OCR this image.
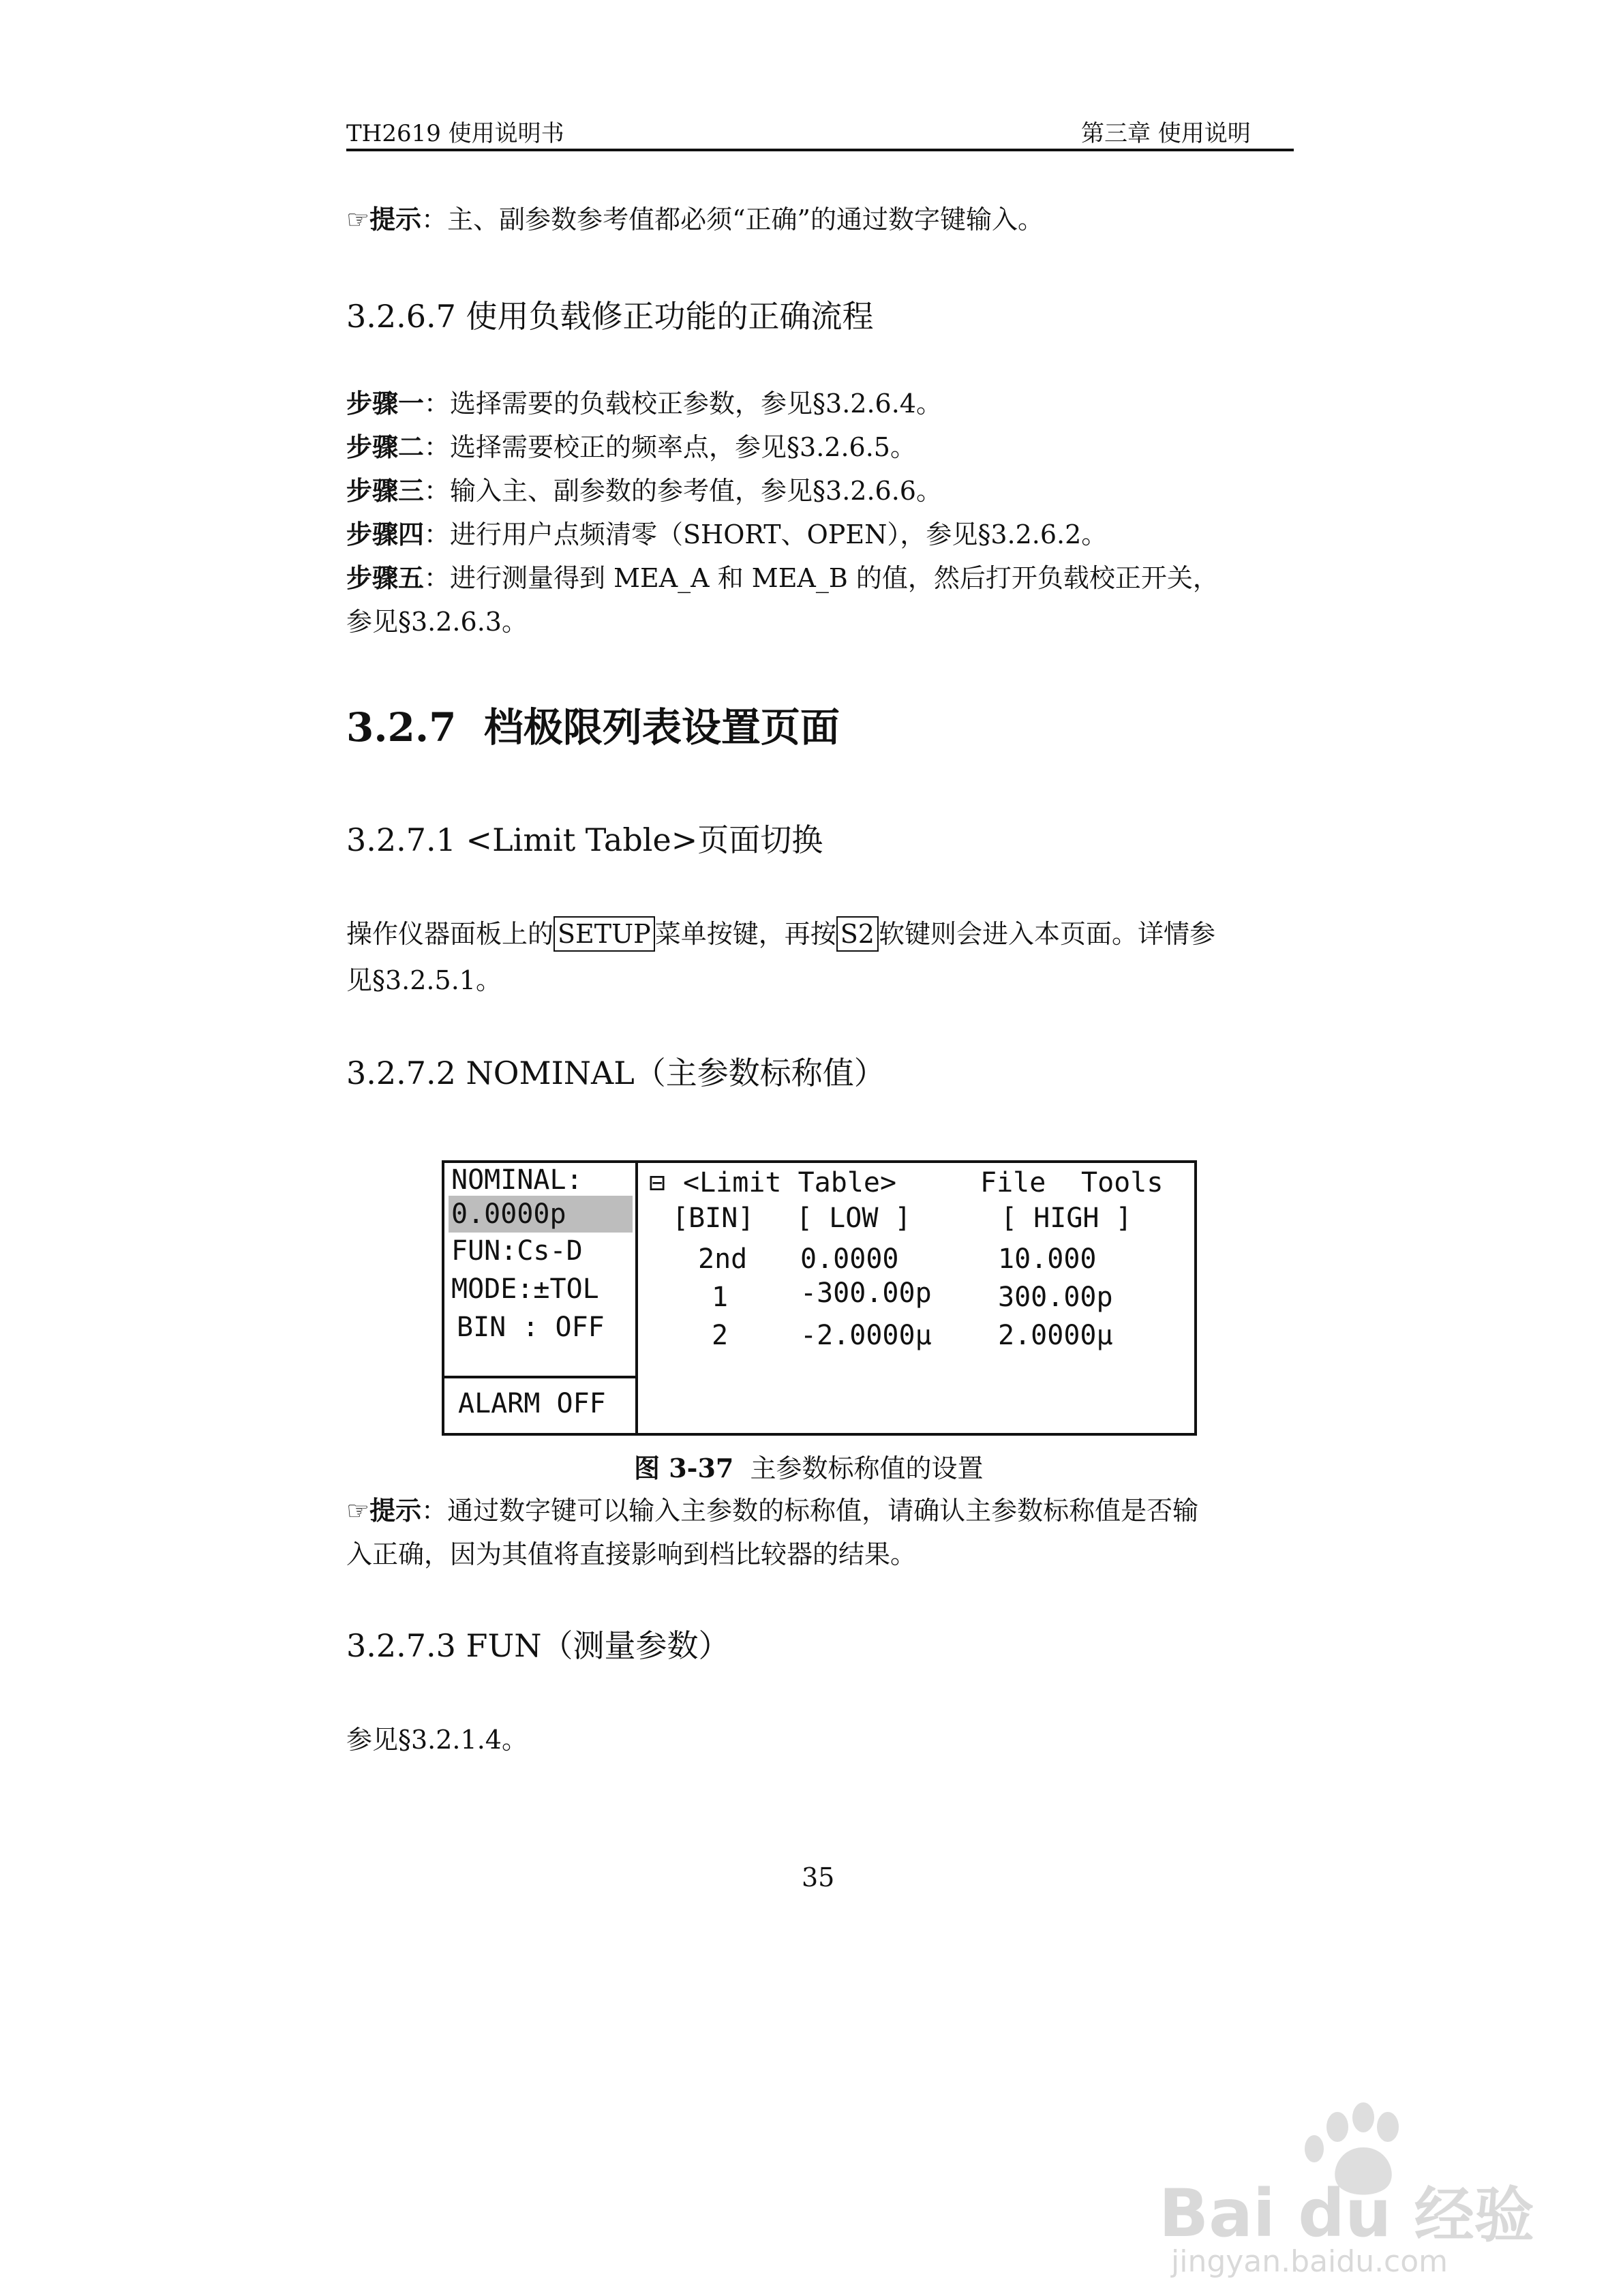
TH2619 使用说明书	第三章 使用说明
☞提示：主、副参数参考值都必须“正确”的通过数字键输入。
3.2.6.7 使用负载修正功能的正确流程
步骤一：选择需要的负载校正参数，参见§3.2.6.4。
步骤二：选择需要校正的频率点，参见§3.2.6.5。
步骤三：输入主、副参数的参考值，参见§3.2.6.6。
步骤四：进行用户点频清零（SHORT、OPEN），参见§3.2.6.2。
步骤五：进行测量得到 MEA_A 和 MEA_B 的值，然后打开负载校正开关，
参见§3.2.6.3。
3.2.7 档极限列表设置页面
3.2.7.1 <Limit Table>页面切换
操作仪器面板上的 SETUP 菜单按键，再按 S2 软键则会进入本页面。详情参
见§3.2.5.1。
3.2.7.2 NOMINAL（主参数标称值）
NOMINAL:
0.0000p
FUN:Cs-D
MODE:±TOL
BIN : OFF
ALARM OFF
⊟ <Limit Table>	File Tools
[BIN] [ LOW ]	[ HIGH ]
2nd 0.0000	10.000
1	-300.00p 300.00p
2	-2.0000μ 2.0000μ
图 3-37 主参数标称值的设置
☞提示：通过数字键可以输入主参数的标称值，请确认主参数标称值是否输
入正确，因为其值将直接影响到档比较器的结果。
3.2.7.3 FUN（测量参数）
参见§3.2.1.4。
35
Bai du 经验
jingyan.baidu.com
